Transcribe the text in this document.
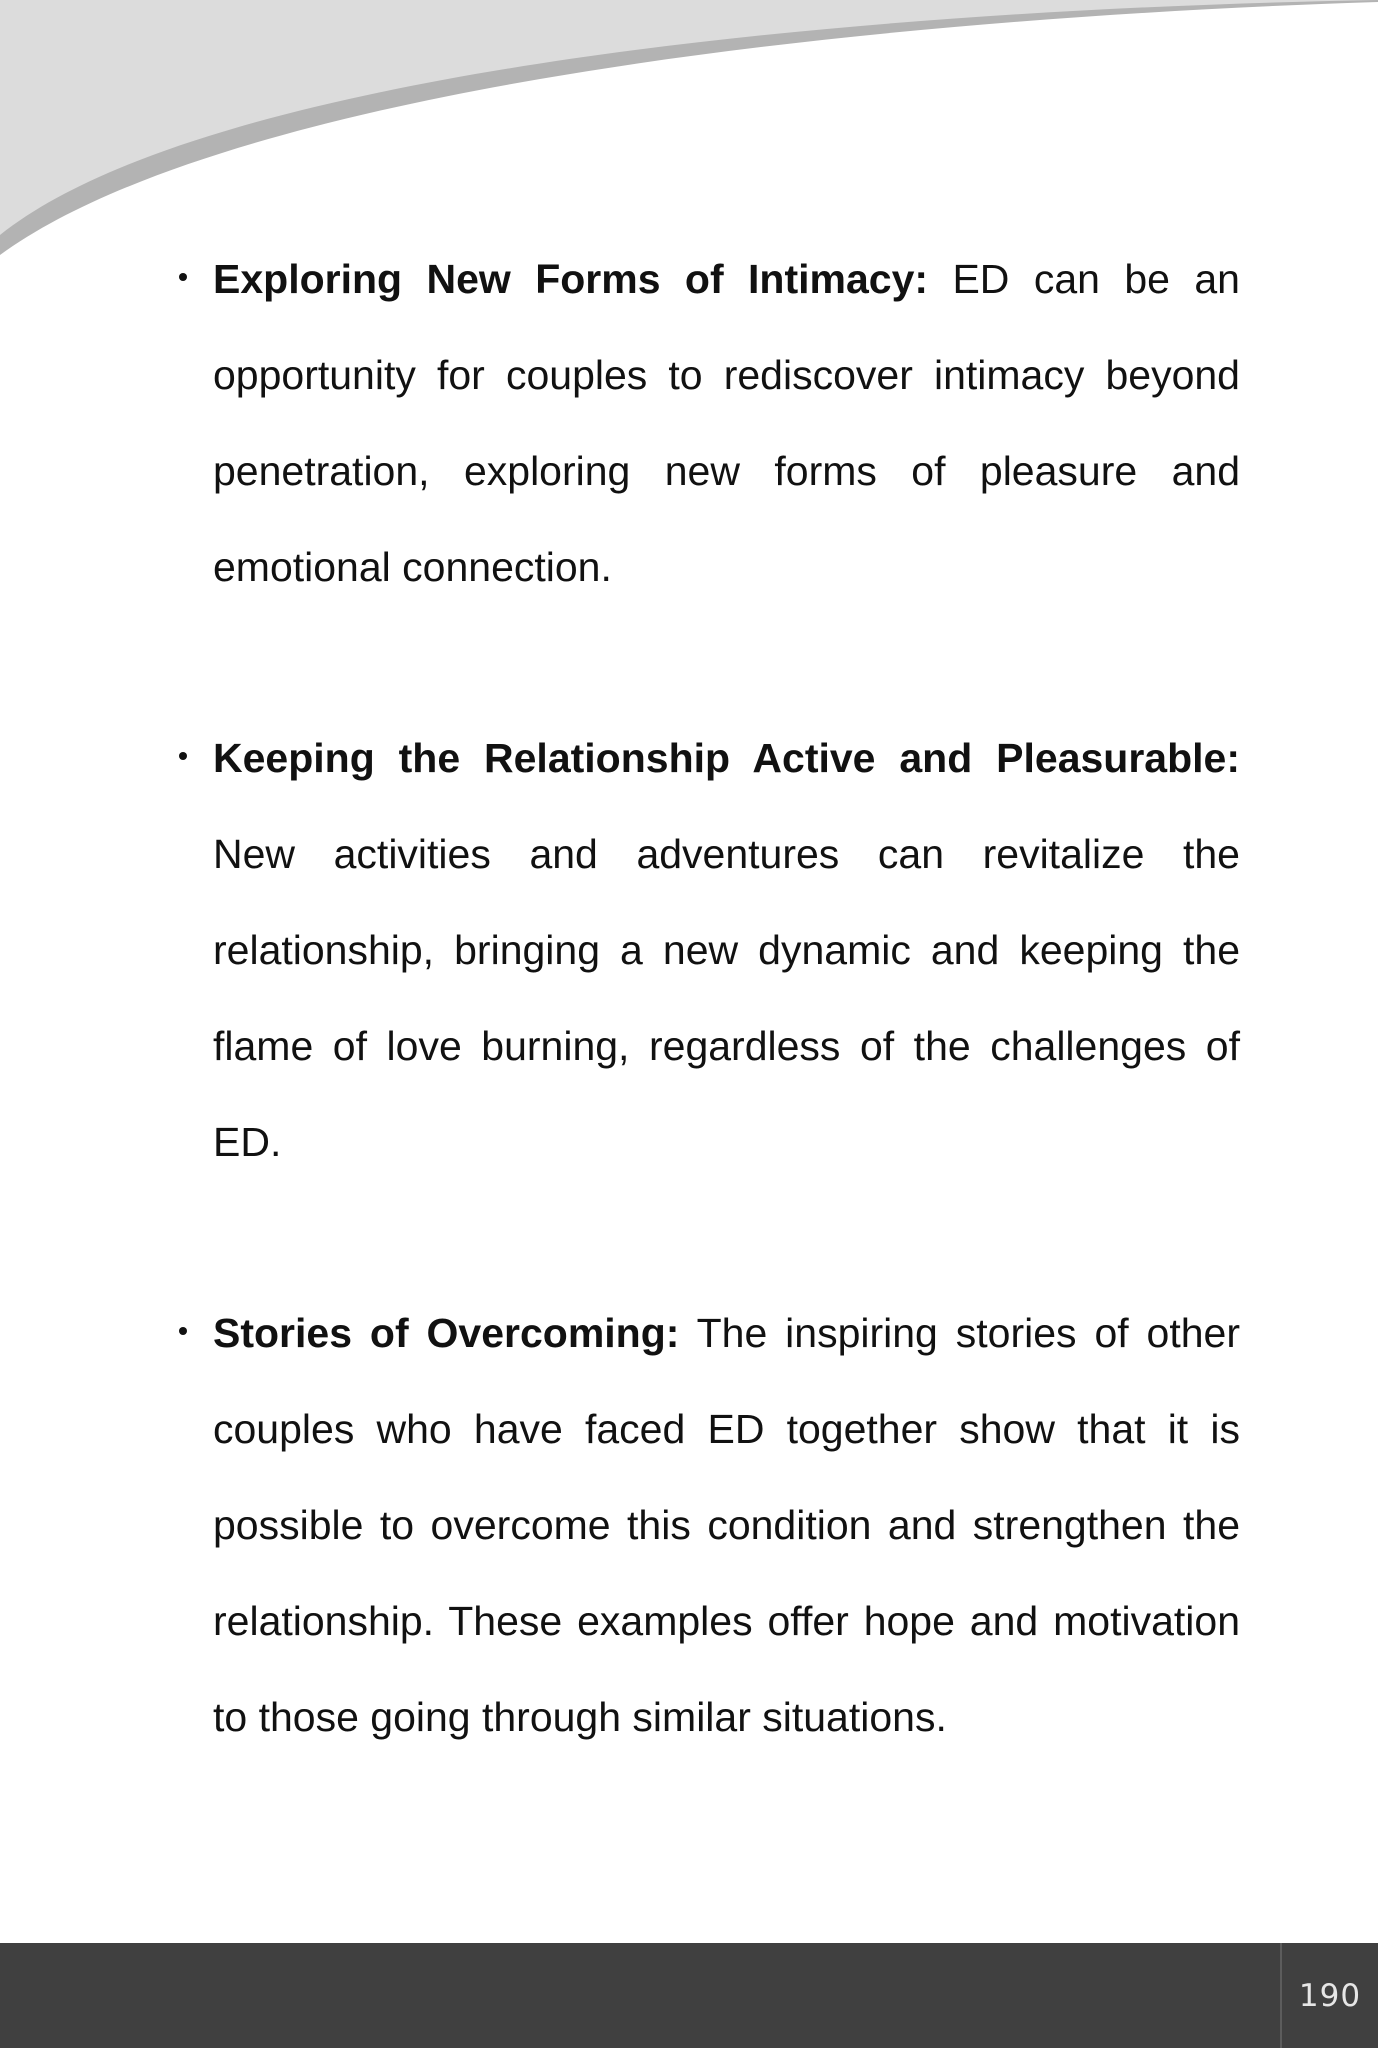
Exploring New Forms of Intimacy: ED can be an opportunity for couples to rediscover intimacy beyond penetration, exploring new forms of pleasure and emotional connection.

Keeping the Relationship Active and Pleasurable: New activities and adventures can revitalize the relationship, bringing a new dynamic and keeping the flame of love burning, regardless of the challenges of ED.

Stories of Overcoming: The inspiring stories of other couples who have faced ED together show that it is possible to overcome this condition and strengthen the relationship. These examples offer hope and motivation to those going through similar situations.

190
